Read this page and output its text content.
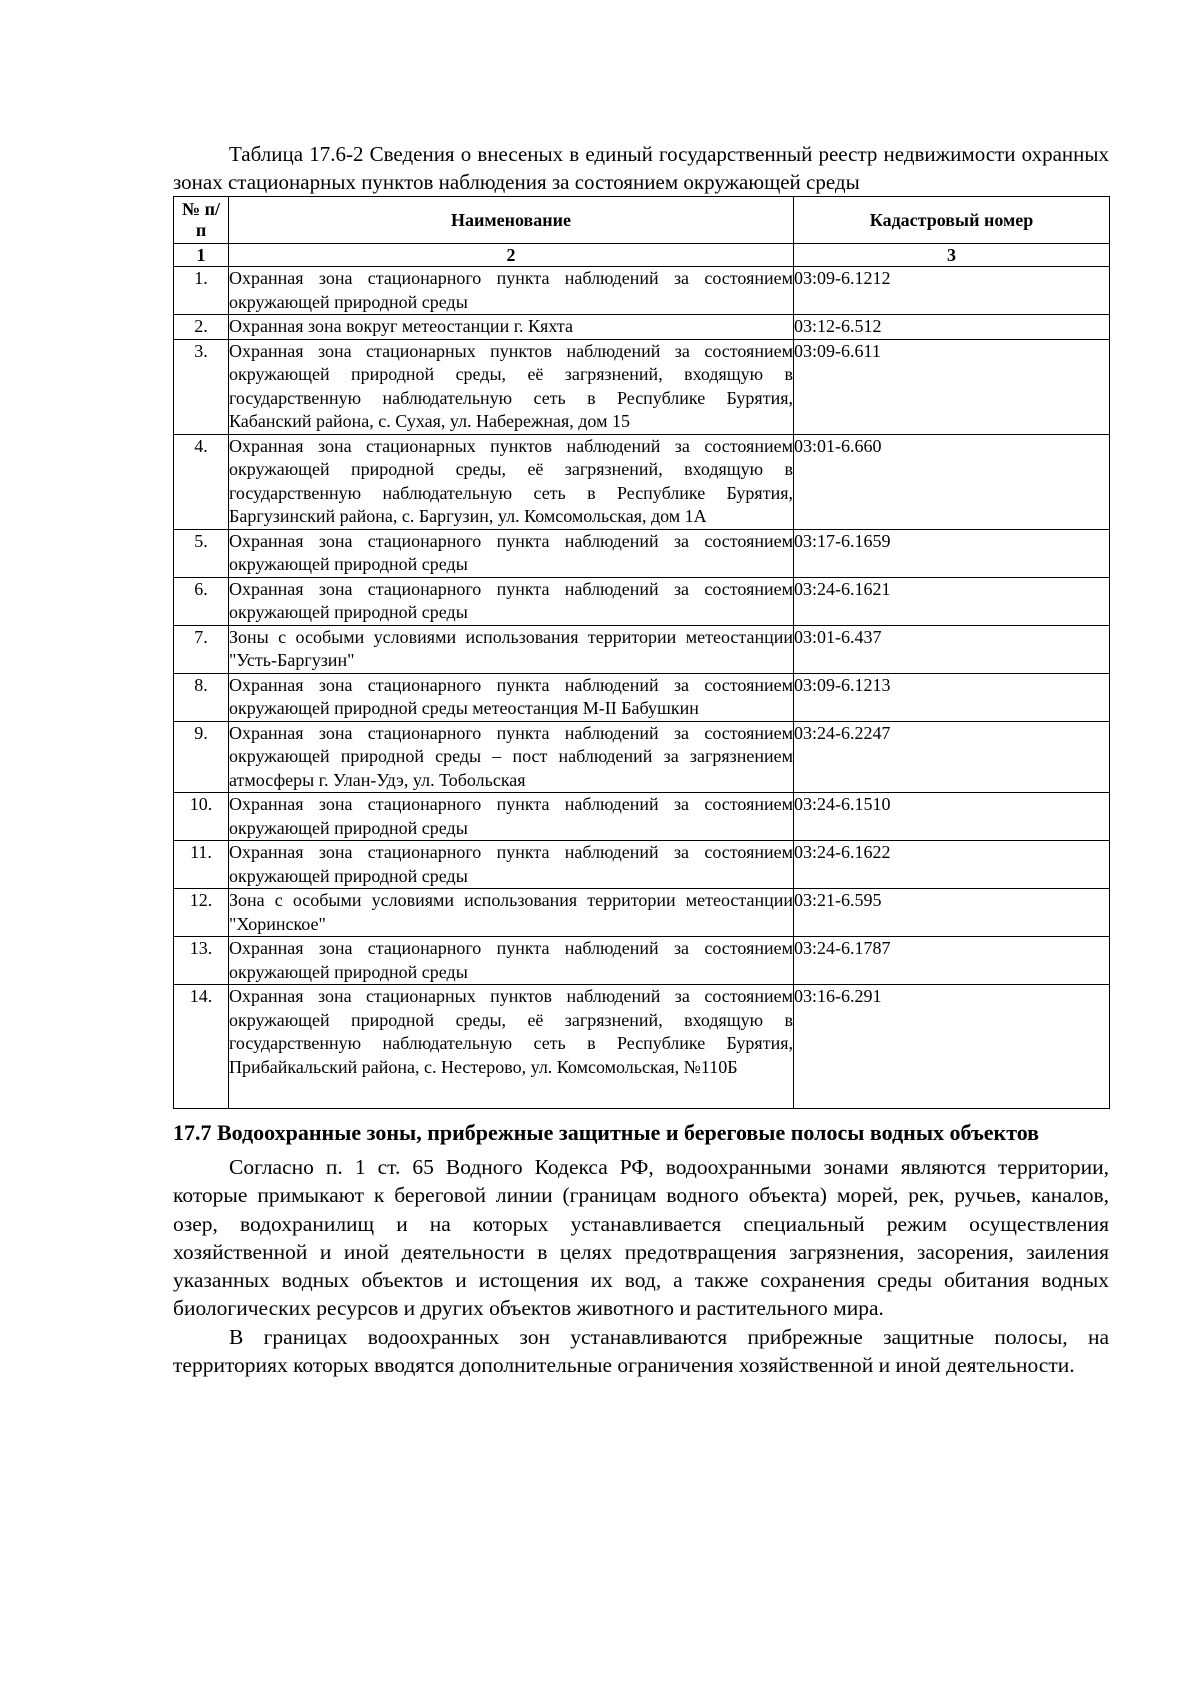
Таблица 17.6-2 Сведения о внесеных в единый государственный реестр недвижимости охранных зонах стационарных пунктов наблюдения за состоянием окружающей среды

№ п/п	Наименование	Кадастровый номер
1	2	3
1.	Охранная зона стационарного пункта наблюдений за состоянием окружающей природной среды	03:09-6.1212
2.	Охранная зона вокруг метеостанции г. Кяхта	03:12-6.512
3.	Охранная зона стационарных пунктов наблюдений за состоянием окружающей природной среды, её загрязнений, входящую в государственную наблюдательную сеть в Республике Бурятия, Кабанский района, с. Сухая, ул. Набережная, дом 15	03:09-6.611
4.	Охранная зона стационарных пунктов наблюдений за состоянием окружающей природной среды, её загрязнений, входящую в государственную наблюдательную сеть в Республике Бурятия, Баргузинский района, с. Баргузин, ул. Комсомольская, дом 1А	03:01-6.660
5.	Охранная зона стационарного пункта наблюдений за состоянием окружающей природной среды	03:17-6.1659
6.	Охранная зона стационарного пункта наблюдений за состоянием окружающей природной среды	03:24-6.1621
7.	Зоны с особыми условиями использования территории метеостанции "Усть-Баргузин"	03:01-6.437
8.	Охранная зона стационарного пункта наблюдений за состоянием окружающей природной среды метеостанция М-II Бабушкин	03:09-6.1213
9.	Охранная зона стационарного пункта наблюдений за состоянием окружающей природной среды – пост наблюдений за загрязнением атмосферы г. Улан-Удэ, ул. Тобольская	03:24-6.2247
10.	Охранная зона стационарного пункта наблюдений за состоянием окружающей природной среды	03:24-6.1510
11.	Охранная зона стационарного пункта наблюдений за состоянием окружающей природной среды	03:24-6.1622
12.	Зона с особыми условиями использования территории метеостанции "Хоринское"	03:21-6.595
13.	Охранная зона стационарного пункта наблюдений за состоянием окружающей природной среды	03:24-6.1787
14.	Охранная зона стационарных пунктов наблюдений за состоянием окружающей природной среды, её загрязнений, входящую в государственную наблюдательную сеть в Республике Бурятия, Прибайкальский района, с. Нестерово, ул. Комсомольская, №110Б	03:16-6.291
17.7 Водоохранные зоны, прибрежные защитные и береговые полосы водных объектов

Согласно п. 1 ст. 65 Водного Кодекса РФ, водоохранными зонами являются территории, которые примыкают к береговой линии (границам водного объекта) морей, рек, ручьев, каналов, озер, водохранилищ и на которых устанавливается специальный режим осуществления хозяйственной и иной деятельности в целях предотвращения загрязнения, засорения, заиления указанных водных объектов и истощения их вод, а также сохранения среды обитания водных биологических ресурсов и других объектов животного и растительного мира.

В границах водоохранных зон устанавливаются прибрежные защитные полосы, на территориях которых вводятся дополнительные ограничения хозяйственной и иной деятельности.
